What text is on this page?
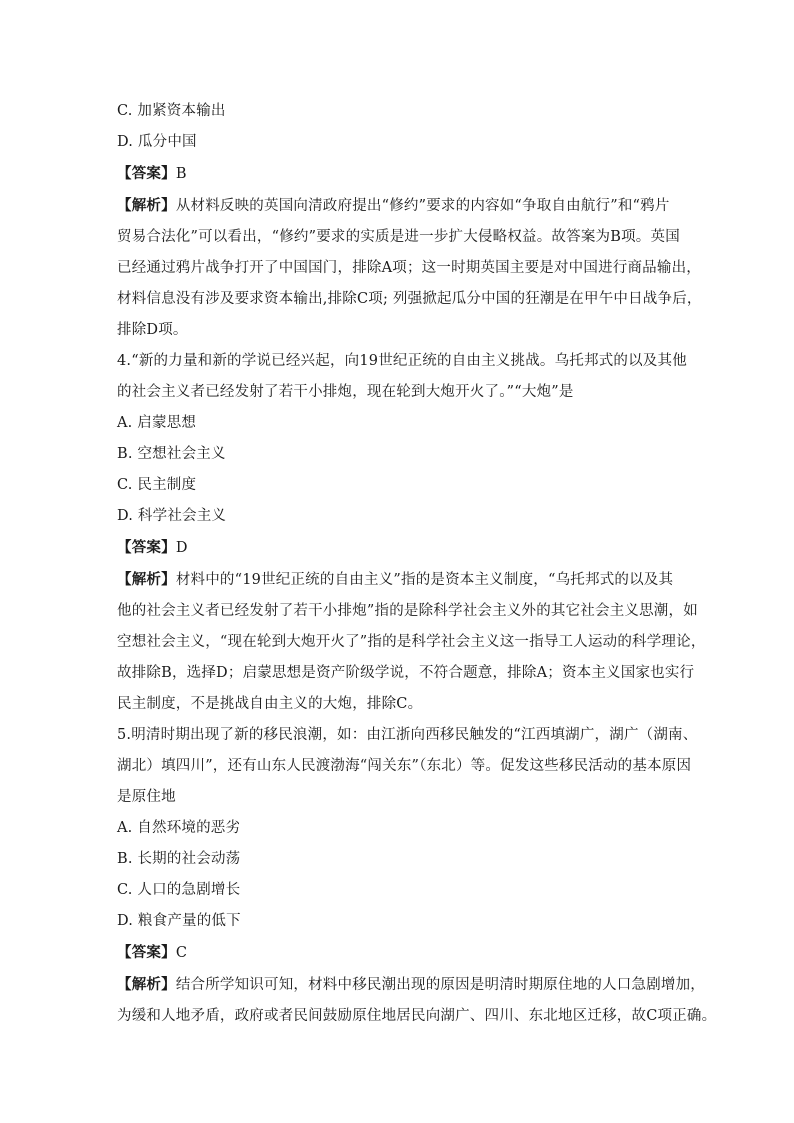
C. 加紧资本输出

D. 瓜分中国

【答案】B

【解析】从材料反映的英国向清政府提出“修约”要求的内容如“争取自由航行”和“鸦片

贸易合法化”可以看出，“修约”要求的实质是进一步扩大侵略权益。故答案为B项。英国

已经通过鸦片战争打开了中国国门，排除A项；这一时期英国主要是对中国进行商品输出，

材料信息没有涉及要求资本输出,排除C项; 列强掀起瓜分中国的狂潮是在甲午中日战争后，

排除D项。

4.“新的力量和新的学说已经兴起，向19世纪正统的自由主义挑战。乌托邦式的以及其他

的社会主义者已经发射了若干小排炮，现在轮到大炮开火了。”“大炮”是

A. 启蒙思想

B. 空想社会主义

C. 民主制度

D. 科学社会主义

【答案】D

【解析】材料中的“19世纪正统的自由主义”指的是资本主义制度，“乌托邦式的以及其

他的社会主义者已经发射了若干小排炮”指的是除科学社会主义外的其它社会主义思潮，如

空想社会主义，“现在轮到大炮开火了”指的是科学社会主义这一指导工人运动的科学理论，

故排除B，选择D；启蒙思想是资产阶级学说，不符合题意，排除A；资本主义国家也实行

民主制度，不是挑战自由主义的大炮，排除C。

5.明清时期出现了新的移民浪潮，如：由江浙向西移民触发的“江西填湖广，湖广（湖南、

湖北）填四川”，还有山东人民渡渤海“闯关东”（东北）等。促发这些移民活动的基本原因

是原住地

A. 自然环境的恶劣

B. 长期的社会动荡

C. 人口的急剧增长

D. 粮食产量的低下

【答案】C

【解析】结合所学知识可知，材料中移民潮出现的原因是明清时期原住地的人口急剧增加，

为缓和人地矛盾，政府或者民间鼓励原住地居民向湖广、四川、东北地区迁移，故C项正确。
